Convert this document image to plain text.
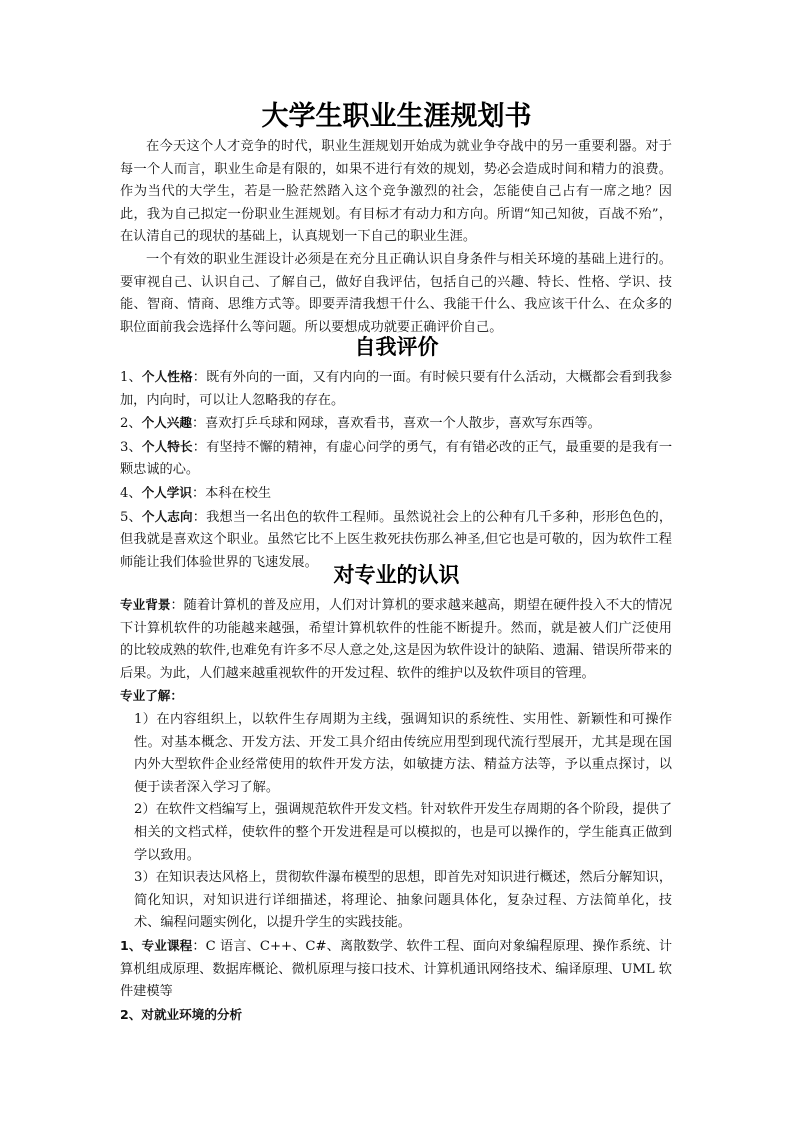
大学生职业生涯规划书

在今天这个人才竞争的时代，职业生涯规划开始成为就业争夺战中的另一重要利器。对于每一个人而言，职业生命是有限的，如果不进行有效的规划，势必会造成时间和精力的浪费。作为当代的大学生，若是一脸茫然踏入这个竞争激烈的社会，怎能使自己占有一席之地？因此，我为自己拟定一份职业生涯规划。有目标才有动力和方向。所谓“知己知彼，百战不殆”，在认清自己的现状的基础上，认真规划一下自己的职业生涯。

一个有效的职业生涯设计必须是在充分且正确认识自身条件与相关环境的基础上进行的。要审视自己、认识自己、了解自己，做好自我评估，包括自己的兴趣、特长、性格、学识、技能、智商、情商、思维方式等。即要弄清我想干什么、我能干什么、我应该干什么、在众多的职位面前我会选择什么等问题。所以要想成功就要正确评价自己。

自我评价

1、个人性格：既有外向的一面，又有内向的一面。有时候只要有什么活动，大概都会看到我参加，内向时，可以让人忽略我的存在。

2、个人兴趣：喜欢打乒乓球和网球，喜欢看书，喜欢一个人散步，喜欢写东西等。

3、个人特长：有坚持不懈的精神，有虚心问学的勇气，有有错必改的正气，最重要的是我有一颗忠诚的心。

4、个人学识：本科在校生

5、个人志向：我想当一名出色的软件工程师。虽然说社会上的公种有几千多种，形形色色的，但我就是喜欢这个职业。虽然它比不上医生救死扶伤那么神圣,但它也是可敬的，因为软件工程师能让我们体验世界的飞速发展。

对专业的认识

专业背景：随着计算机的普及应用，人们对计算机的要求越来越高，期望在硬件投入不大的情况下计算机软件的功能越来越强，希望计算机软件的性能不断提升。然而，就是被人们广泛使用的比较成熟的软件,也难免有许多不尽人意之处,这是因为软件设计的缺陷、遗漏、错误所带来的后果。为此，人们越来越重视软件的开发过程、软件的维护以及软件项目的管理。

专业了解：

1）在内容组织上，以软件生存周期为主线，强调知识的系统性、实用性、新颖性和可操作性。对基本概念、开发方法、开发工具介绍由传统应用型到现代流行型展开，尤其是现在国内外大型软件企业经常使用的软件开发方法，如敏捷方法、精益方法等，予以重点探讨，以便于读者深入学习了解。

2）在软件文档编写上，强调规范软件开发文档。针对软件开发生存周期的各个阶段，提供了相关的文档式样，使软件的整个开发进程是可以模拟的，也是可以操作的，学生能真正做到学以致用。

3）在知识表达风格上，贯彻软件瀑布模型的思想，即首先对知识进行概述，然后分解知识，简化知识，对知识进行详细描述，将理论、抽象问题具体化，复杂过程、方法简单化，技术、编程问题实例化，以提升学生的实践技能。

1、专业课程：C 语言、C++、C#、离散数学、软件工程、面向对象编程原理、操作系统、计算机组成原理、数据库概论、微机原理与接口技术、计算机通讯网络技术、编译原理、UML 软件建模等

2、对就业环境的分析
